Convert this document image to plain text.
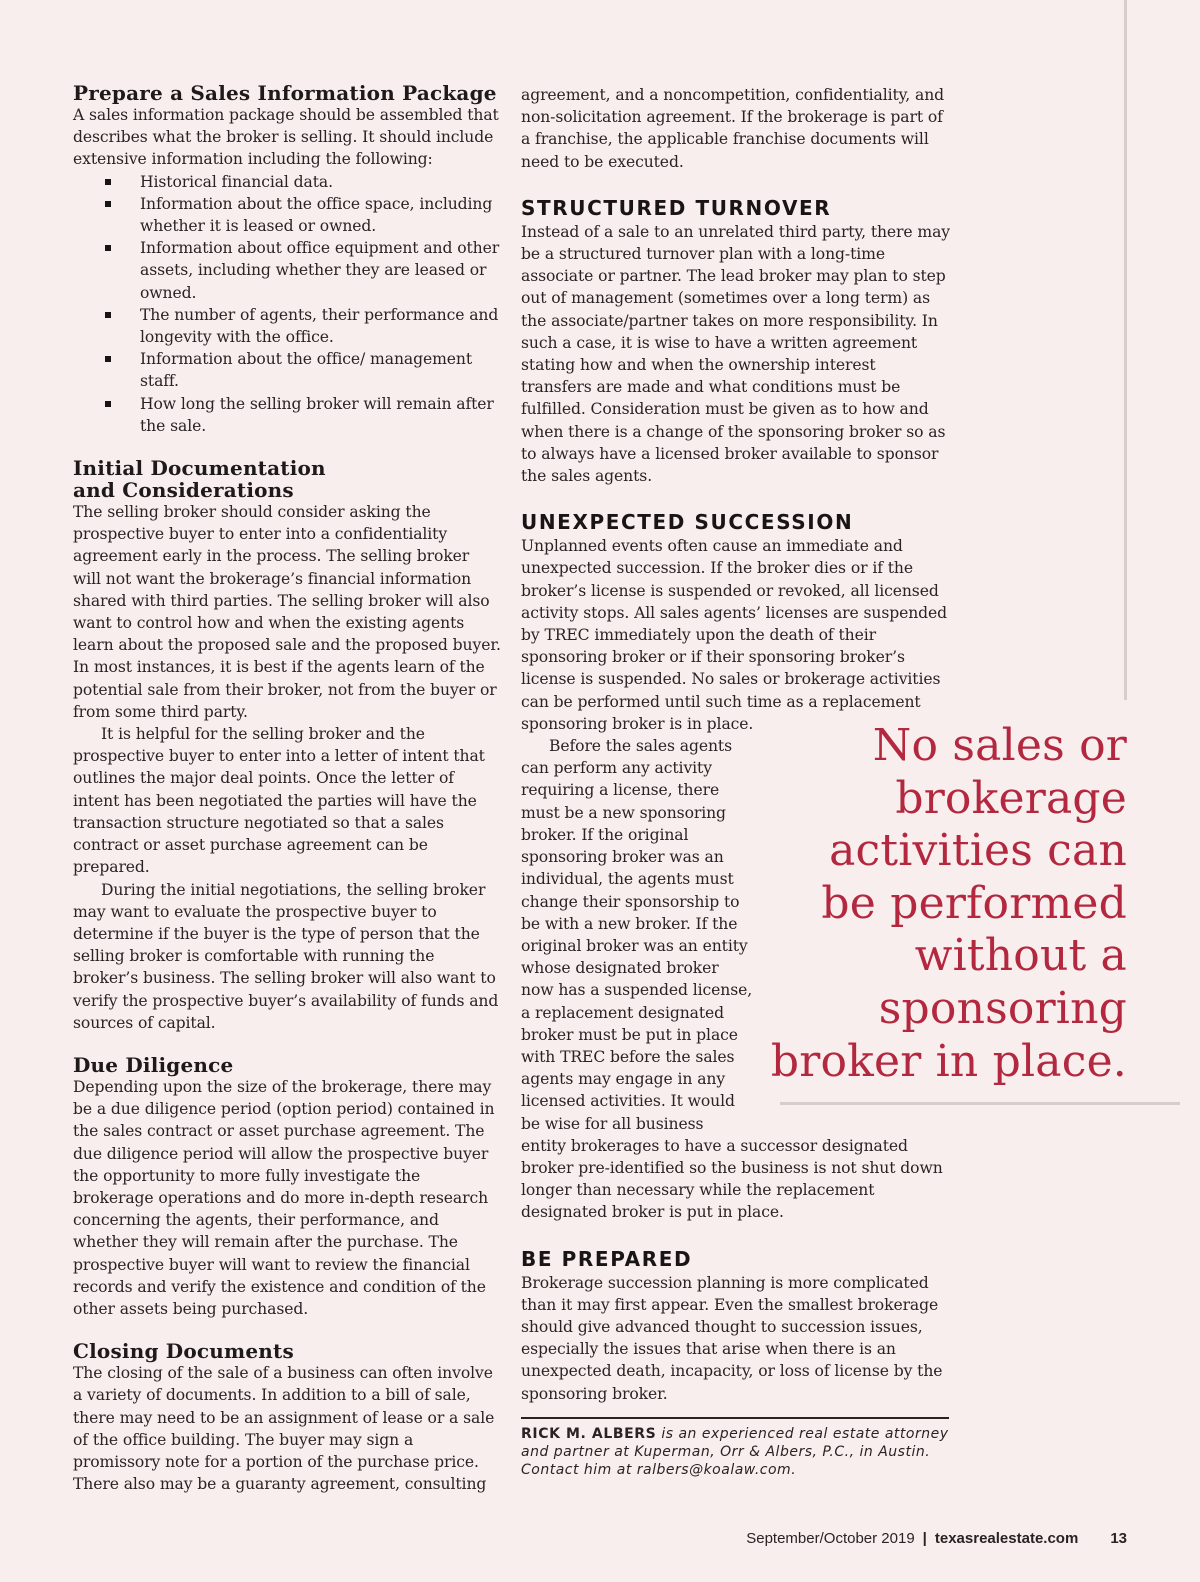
Prepare a Sales Information Package

A sales information package should be assembled that describes what the broker is selling. It should include extensive information including the following:

Historical financial data.
Information about the office space, including whether it is leased or owned.
Information about office equipment and other assets, including whether they are leased or owned.
The number of agents, their performance and longevity with the office.
Information about the office/ management staff.
How long the selling broker will remain after the sale.
Initial Documentation
and Considerations

The selling broker should consider asking the prospective buyer to enter into a confidentiality agreement early in the process. The selling broker will not want the brokerage’s financial information shared with third parties. The selling broker will also want to control how and when the existing agents learn about the proposed sale and the proposed buyer. In most instances, it is best if the agents learn of the potential sale from their broker, not from the buyer or from some third party.

It is helpful for the selling broker and the prospective buyer to enter into a letter of intent that outlines the major deal points. Once the letter of intent has been negotiated the parties will have the transaction structure negotiated so that a sales contract or asset purchase agreement can be prepared.

During the initial negotiations, the selling broker may want to evaluate the prospective buyer to determine if the buyer is the type of person that the selling broker is comfortable with running the broker’s business. The selling broker will also want to verify the prospective buyer’s availability of funds and sources of capital.

Due Diligence

Depending upon the size of the brokerage, there may be a due diligence period (option period) contained in the sales contract or asset purchase agreement. The due diligence period will allow the prospective buyer the opportunity to more fully investigate the brokerage operations and do more in-depth research concerning the agents, their performance, and whether they will remain after the purchase. The prospective buyer will want to review the financial records and verify the existence and condition of the other assets being purchased.

Closing Documents

The closing of the sale of a business can often involve a variety of documents. In addition to a bill of sale, there may need to be an assignment of lease or a sale of the office building. The buyer may sign a promissory note for a portion of the purchase price. There also may be a guaranty agreement, consulting

agreement, and a noncompetition, confidentiality, and non-solicitation agreement. If the brokerage is part of a franchise, the applicable franchise documents will need to be executed.

STRUCTURED TURNOVER

Instead of a sale to an unrelated third party, there may be a structured turnover plan with a long-time associate or partner. The lead broker may plan to step out of management (sometimes over a long term) as the associate/partner takes on more responsibility. In such a case, it is wise to have a written agreement stating how and when the ownership interest transfers are made and what conditions must be fulfilled. Consideration must be given as to how and when there is a change of the sponsoring broker so as to always have a licensed broker available to sponsor the sales agents.

UNEXPECTED SUCCESSION

Unplanned events often cause an immediate and unexpected succession. If the broker dies or if the broker’s license is suspended or revoked, all licensed activity stops. All sales agents’ licenses are suspended by TREC immediately upon the death of their sponsoring broker or if their sponsoring broker’s license is suspended. No sales or brokerage activities can be performed until such time as a replacement sponsoring broker is in place.

Before the sales agents can perform any activity requiring a license, there must be a new sponsoring broker. If the original sponsoring broker was an individual, the agents must change their sponsorship to be with a new broker. If the original broker was an entity whose designated broker now has a suspended license, a replacement designated broker must be put in place with TREC before the sales agents may engage in any licensed activities. It would be wise for all business

entity brokerages to have a successor designated broker pre-identified so the business is not shut down longer than necessary while the replacement designated broker is put in place.

BE PREPARED

Brokerage succession planning is more complicated than it may first appear. Even the smallest brokerage should give advanced thought to succession issues, especially the issues that arise when there is an unexpected death, incapacity, or loss of license by the sponsoring broker.

RICK M. ALBERS is an experienced real estate attorney and partner at Kuperman, Orr & Albers, P.C., in Austin. Contact him at ralbers@koalaw.com.

No sales or
brokerage
activities can
be performed
without a
sponsoring
broker in place.
September/October 2019 | texasrealestate.com 13
